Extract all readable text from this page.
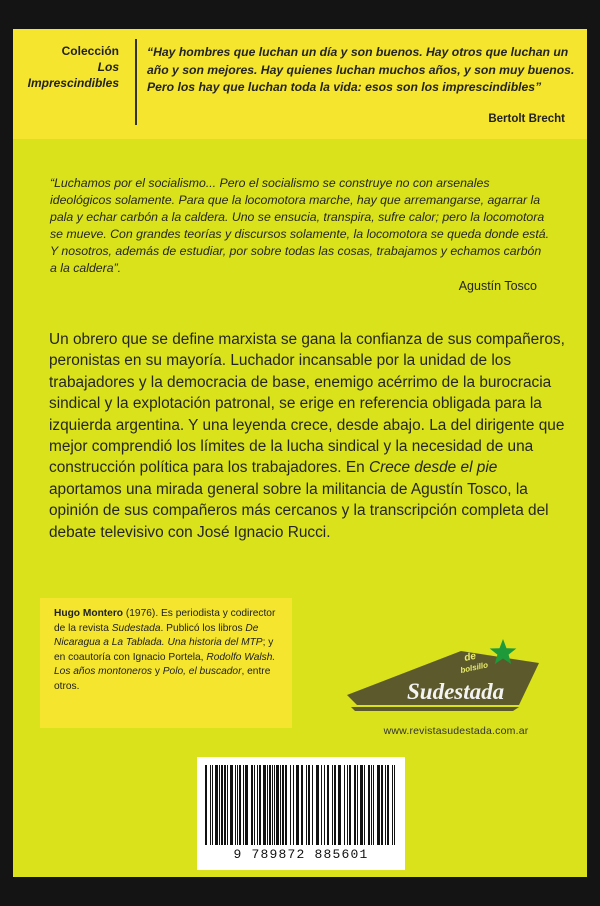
Colección
Los
Imprescindibles
“Hay hombres que luchan un día y son buenos. Hay otros que luchan un año y son mejores. Hay quienes luchan muchos años, y son muy buenos. Pero los hay que luchan toda la vida: esos son los imprescindibles”
Bertolt Brecht
“Luchamos por el socialismo... Pero el socialismo se construye no con arsenales ideológicos solamente. Para que la locomotora marche, hay que arremangarse, agarrar la pala y echar carbón a la caldera. Uno se ensucia, transpira, sufre calor; pero la locomotora se mueve. Con grandes teorías y discursos solamente, la locomotora se queda donde está. Y nosotros, además de estudiar, por sobre todas las cosas, trabajamos y echamos carbón a la caldera”.
Agustín Tosco
Un obrero que se define marxista se gana la confianza de sus compañeros, peronistas en su mayoría. Luchador incansable por la unidad de los trabajadores y la democracia de base, enemigo acérrimo de la burocracia sindical y la explotación patronal, se erige en referencia obligada para la izquierda argentina. Y una leyenda crece, desde abajo. La del dirigente que mejor comprendió los límites de la lucha sindical y la necesidad de una construcción política para los trabajadores. En Crece desde el pie aportamos una mirada general sobre la militancia de Agustín Tosco, la opinión de sus compañeros más cercanos y la transcripción completa del debate televisivo con José Ignacio Rucci.
Hugo Montero (1976). Es periodista y codirector de la revista Sudestada. Publicó los libros De Nicaragua a La Tablada. Una historia del MTP; y en coautoría con Ignacio Portela, Rodolfo Walsh. Los años montoneros y Polo, el buscador, entre otros.
de
bolsillo
Sudestada
www.revistasudestada.com.ar
9 789872 885601
